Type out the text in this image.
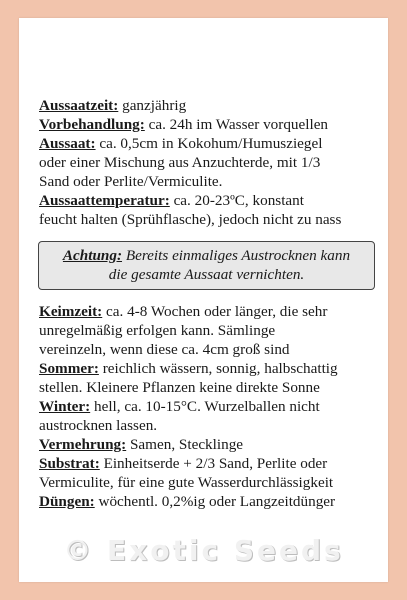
Aussaatzeit: ganzjährig
Vorbehandlung: ca. 24h im Wasser vorquellen
Aussaat: ca. 0,5cm in Kokohum/Humusziegel
oder einer Mischung aus Anzuchterde, mit 1/3
Sand oder Perlite/Vermiculite.
Aussaattemperatur: ca. 20-23ºC, konstant
feucht halten (Sprühflasche), jedoch nicht zu nass
Achtung: Bereits einmaliges Austrocknen kann
die gesamte Aussaat vernichten.
Keimzeit: ca. 4-8 Wochen oder länger, die sehr
unregelmäßig erfolgen kann. Sämlinge
vereinzeln, wenn diese ca. 4cm groß sind
Sommer: reichlich wässern, sonnig, halbschattig
stellen. Kleinere Pflanzen keine direkte Sonne
Winter: hell, ca. 10-15°C. Wurzelballen nicht
austrocknen lassen.
Vermehrung: Samen, Stecklinge
Substrat: Einheitserde + 2/3 Sand, Perlite oder
Vermiculite, für eine gute Wasserdurchlässigkeit
Düngen: wöchentl. 0,2%ig oder Langzeitdünger
© Exotic Seeds
